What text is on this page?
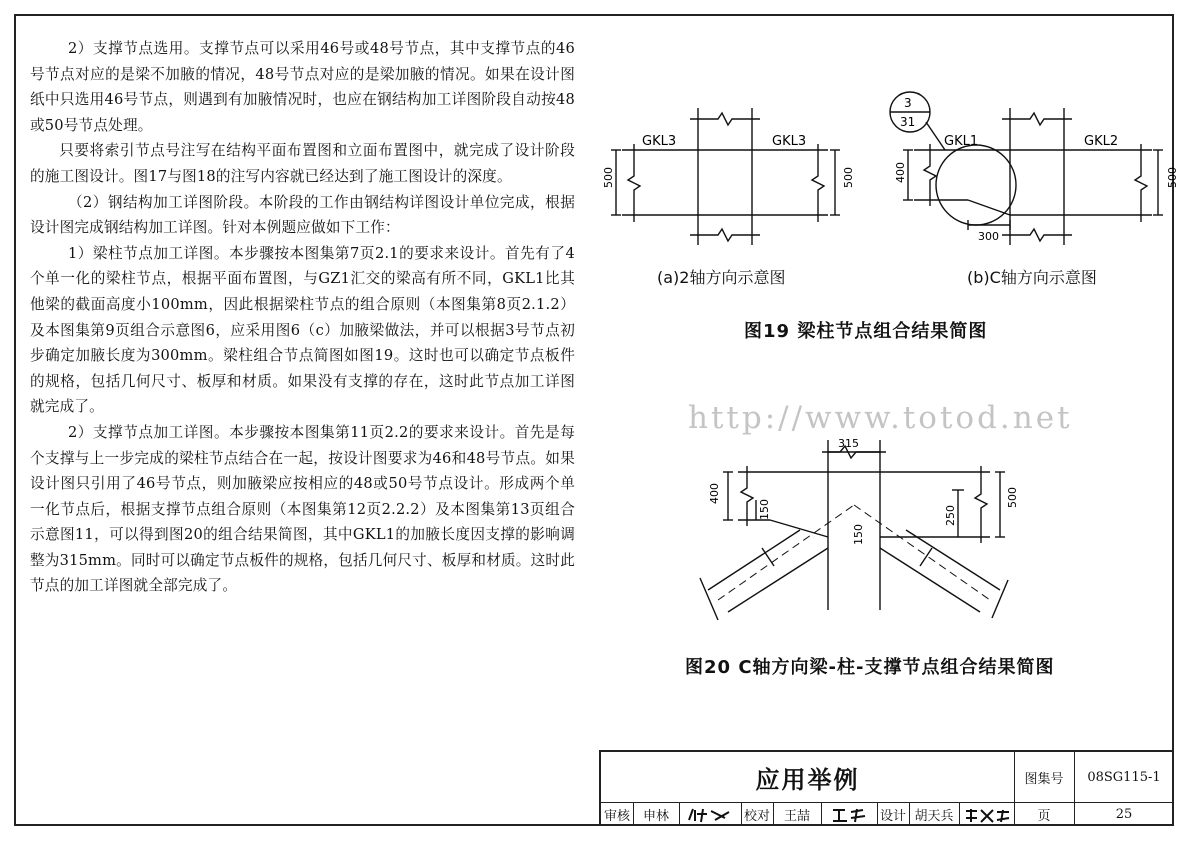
2）支撑节点选用。支撑节点可以采用46号或48号节点，其中支撑节点的46号节点对应的是梁不加腋的情况，48号节点对应的是梁加腋的情况。如果在设计图纸中只选用46号节点，则遇到有加腋情况时，也应在钢结构加工详图阶段自动按48或50号节点处理。

只要将索引节点号注写在结构平面布置图和立面布置图中，就完成了设计阶段的施工图设计。图17与图18的注写内容就已经达到了施工图设计的深度。

（2）钢结构加工详图阶段。本阶段的工作由钢结构详图设计单位完成，根据设计图完成钢结构加工详图。针对本例题应做如下工作：

1）梁柱节点加工详图。本步骤按本图集第7页2.1的要求来设计。首先有了4个单一化的梁柱节点，根据平面布置图，与GZ1汇交的梁高有所不同，GKL1比其他梁的截面高度小100mm，因此根据梁柱节点的组合原则（本图集第8页2.1.2）及本图集第9页组合示意图6，应采用图6（c）加腋梁做法，并可以根据3号节点初步确定加腋长度为300mm。梁柱组合节点简图如图19。这时也可以确定节点板件的规格，包括几何尺寸、板厚和材质。如果没有支撑的存在，这时此节点加工详图就完成了。

2）支撑节点加工详图。本步骤按本图集第11页2.2的要求来设计。首先是每个支撑与上一步完成的梁柱节点结合在一起，按设计图要求为46和48号节点。如果设计图只引用了46号节点，则加腋梁应按相应的48或50号节点设计。形成两个单一化节点后，根据支撑节点组合原则（本图集第12页2.2.2）及本图集第13页组合示意图11，可以得到图20的组合结果简图，其中GKL1的加腋长度因支撑的影响调整为315mm。同时可以确定节点板件的规格，包括几何尺寸、板厚和材质。这时此节点的加工详图就全部完成了。

GKL3	GKL3
500	500
3
31
GKL1	GKL2
400	500
300
315
400	500
150
150
250
(a)2轴方向示意图	(b)C轴方向示意图
图19 梁柱节点组合结果简图
http://www.totod.net
图20 C轴方向梁-柱-支撑节点组合结果简图
应用举例	图集号	08SG115-1
审核 申林	校对	王喆	设计 胡天兵	页	25
